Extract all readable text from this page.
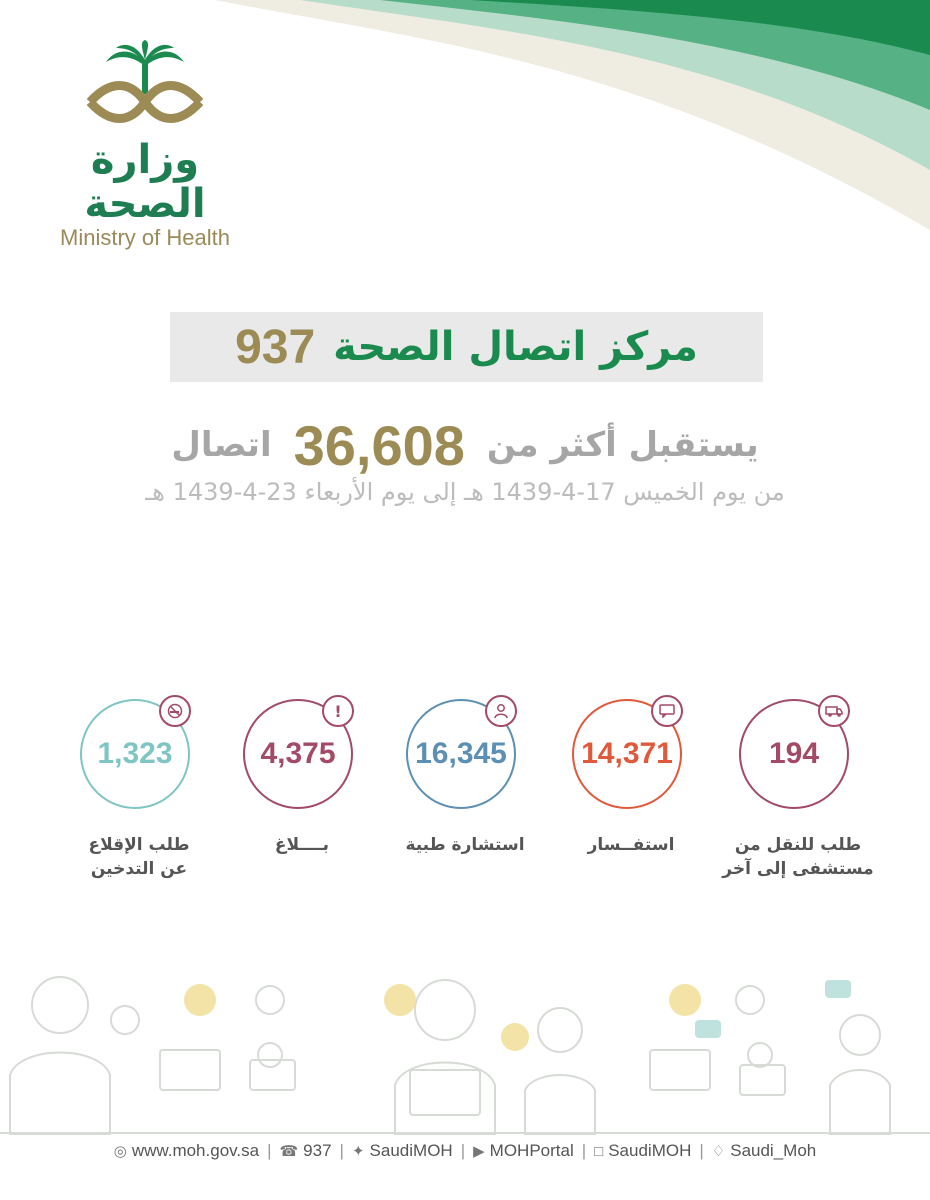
وزارة الصحة
Ministry of Health
مركز اتصال الصحة
937
يستقبل أكثر من
36,608
اتصال
من يوم الخميس 17-4-1439 هـ إلى يوم الأربعاء 23-4-1439 هـ
194
طلب للنقل من
مستشفى إلى آخر
14,371
استفــسار
16,345
استشارة طبية
4,375
!
بــــلاغ
1,323
طلب الإقلاع
عن التدخين
◎ www.moh.gov.sa | ☎ 937 | ✦ SaudiMOH | ▶ MOHPortal | □ SaudiMOH | ♢ Saudi_Moh
